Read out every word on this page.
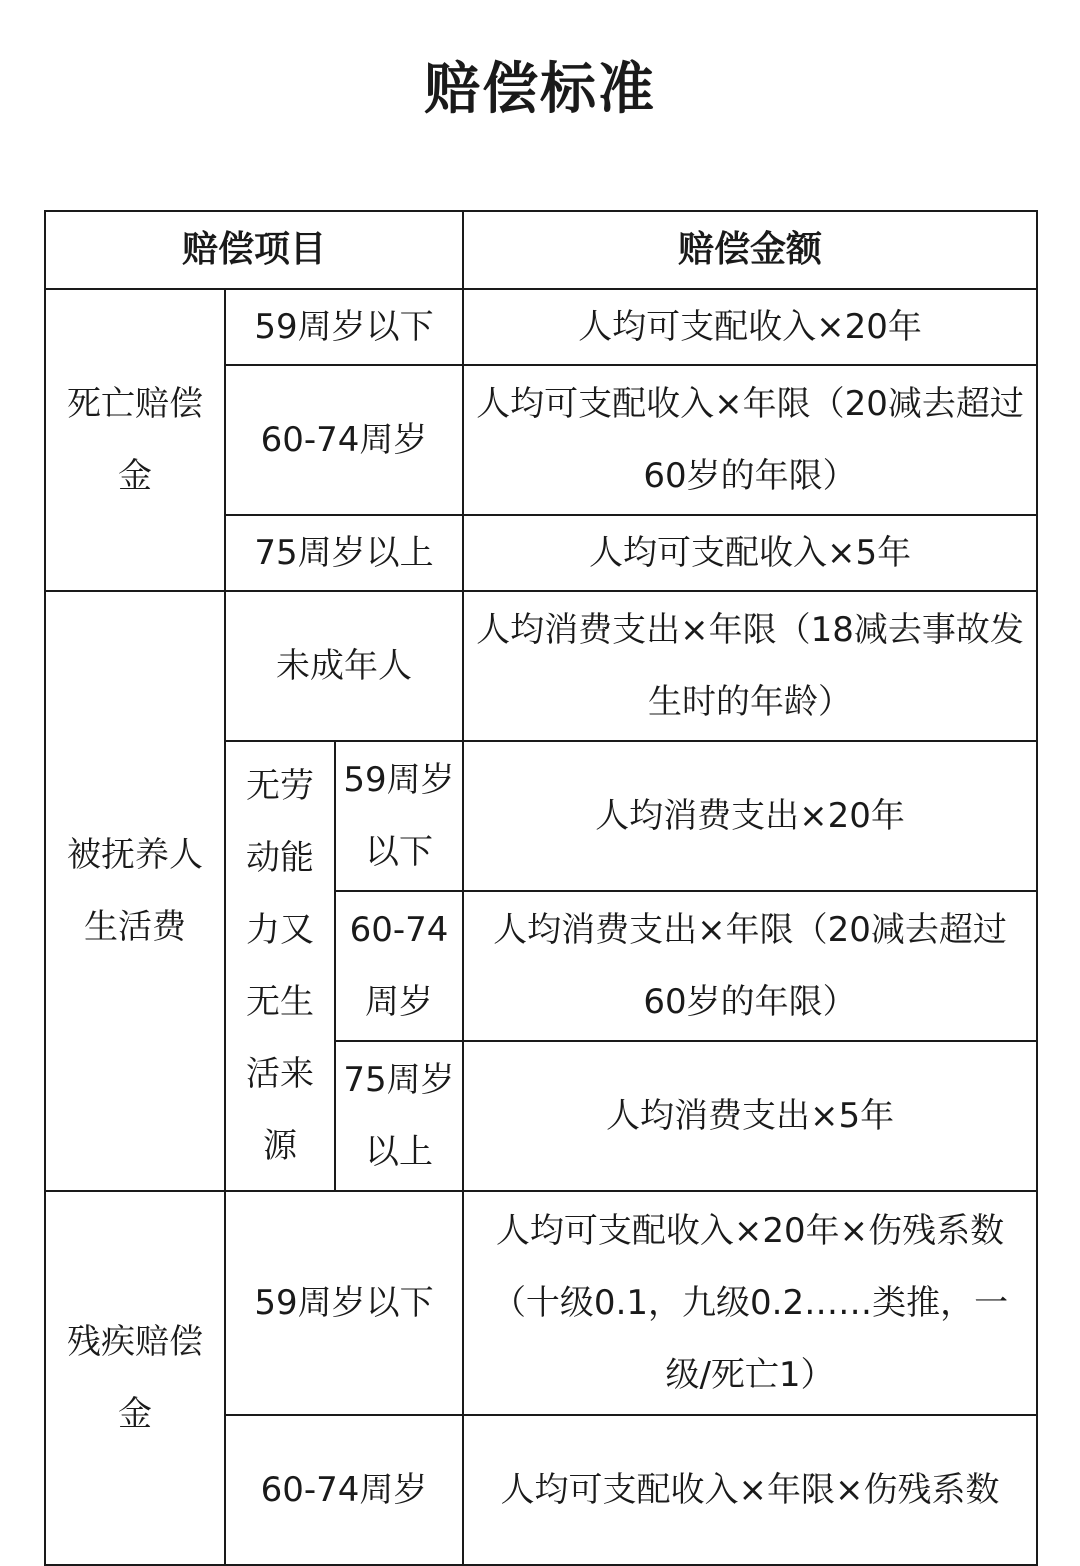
赔偿标准
赔偿项目			赔偿金额
死亡赔偿金	59周岁以下		人均可支配收入×20年
	60-74周岁		人均可支配收入×年限（20减去超过60岁的年限）
	75周岁以上		人均可支配收入×5年
被抚养人生活费	未成年人		人均消费支出×年限（18减去事故发生时的年龄）
	无劳动能力又无生活来源	59周岁以下	人均消费支出×20年
		60-74周岁	人均消费支出×年限（20减去超过60岁的年限）
		75周岁以上	人均消费支出×5年
残疾赔偿金	59周岁以下		人均可支配收入×20年×伤残系数（十级0.1，九级0.2……类推，一级/死亡1）
	60-74周岁		人均可支配收入×年限×伤残系数
